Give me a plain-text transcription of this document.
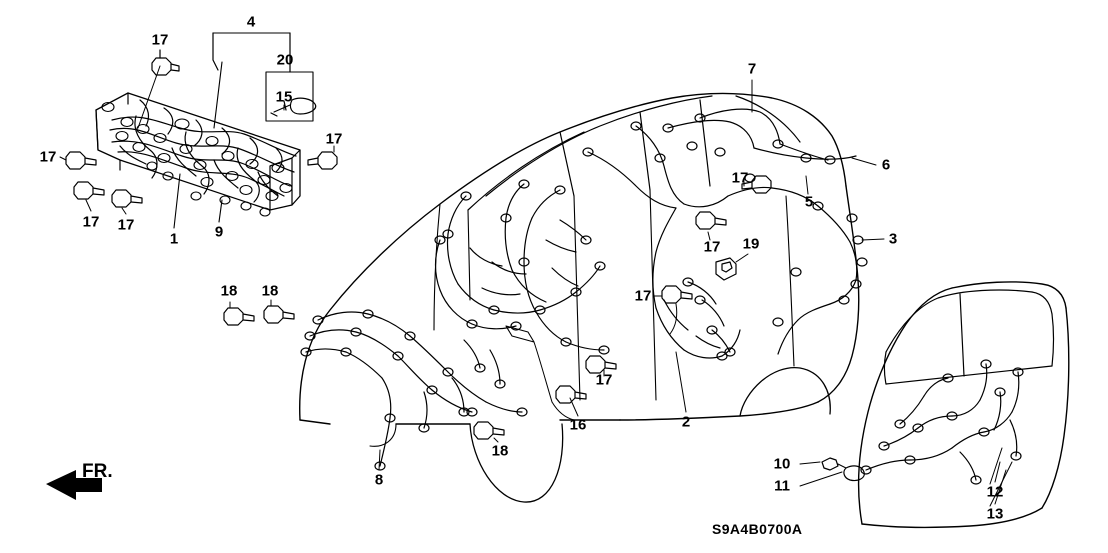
17
4
20
15
17
17
17 17
1 9
7
6
17
5
3
17 19
17
18 18
17
16	2
8
18
10
11	12
13
FR.
S9A4B0700A
